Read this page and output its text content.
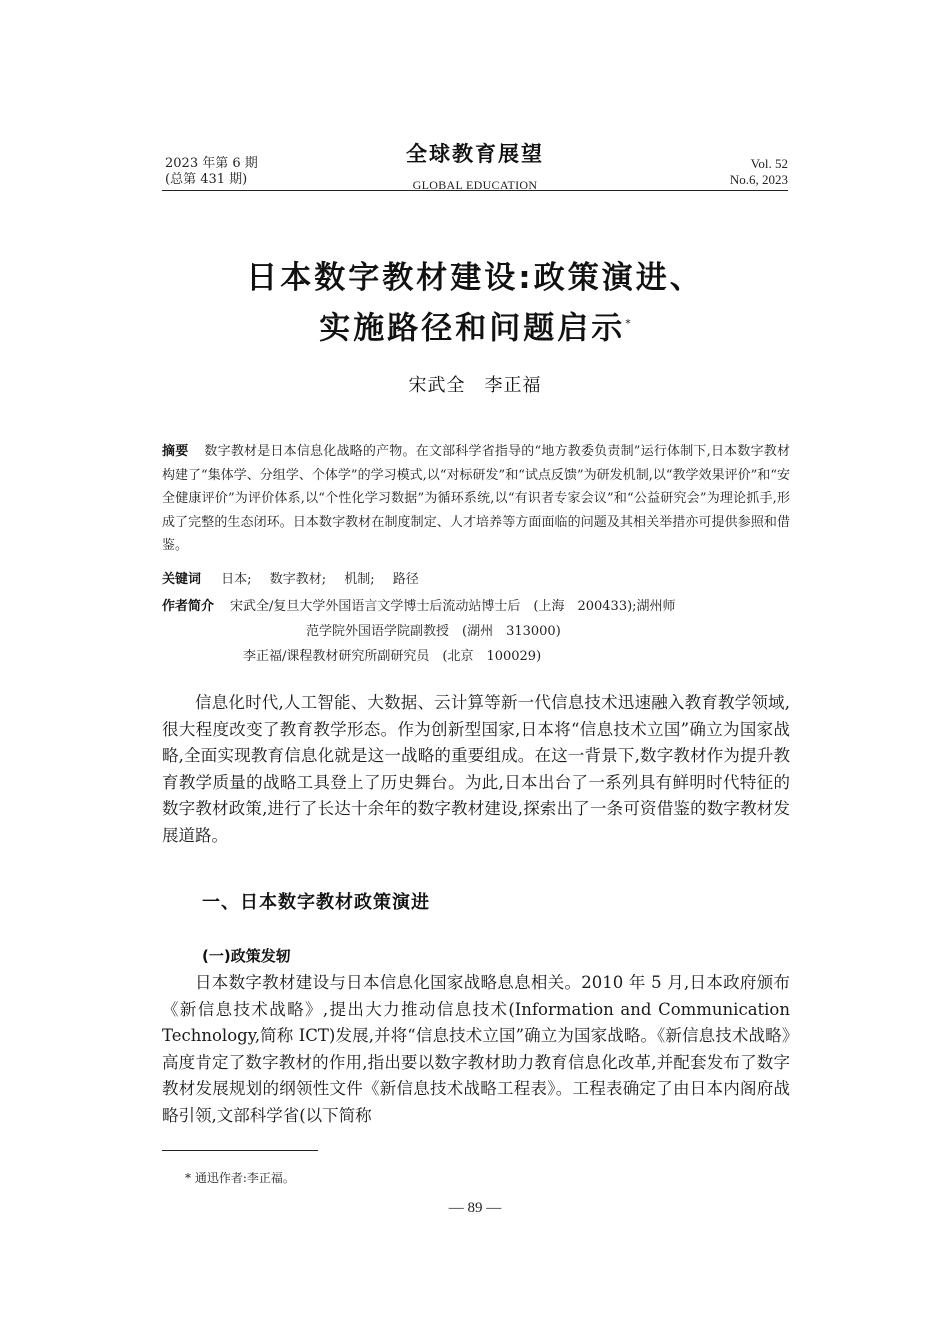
2023 年第 6 期
(总第 431 期)
全球教育展望
GLOBAL EDUCATION
Vol. 52
No.6, 2023
日本数字教材建设:政策演进、
实施路径和问题启示*
宋武全　李正福
摘要 数字教材是日本信息化战略的产物。在文部科学省指导的“地方教委负责制”运行体制下,日本数字教材构建了“集体学、分组学、个体学”的学习模式,以“对标研发”和“试点反馈”为研发机制,以“教学效果评价”和“安全健康评价”为评价体系,以“个性化学习数据”为循环系统,以“有识者专家会议”和“公益研究会”为理论抓手,形成了完整的生态闭环。日本数字教材在制度制定、人才培养等方面面临的问题及其相关举措亦可提供参照和借鉴。
关键词 日本; 数字教材; 机制; 路径
作者简介 宋武全/复旦大学外国语言文学博士后流动站博士后　(上海　200433);湖州师
范学院外国语学院副教授　(湖州　313000)
李正福/课程教材研究所副研究员　(北京　100029)
信息化时代,人工智能、大数据、云计算等新一代信息技术迅速融入教育教学领域,很大程度改变了教育教学形态。作为创新型国家,日本将“信息技术立国”确立为国家战略,全面实现教育信息化就是这一战略的重要组成。在这一背景下,数字教材作为提升教育教学质量的战略工具登上了历史舞台。为此,日本出台了一系列具有鲜明时代特征的数字教材政策,进行了长达十余年的数字教材建设,探索出了一条可资借鉴的数字教材发展道路。
一、日本数字教材政策演进
(一)政策发轫
日本数字教材建设与日本信息化国家战略息息相关。2010 年 5 月,日本政府颁布《新信息技术战略》,提出大力推动信息技术(Information and Communication Technology,简称 ICT)发展,并将“信息技术立国”确立为国家战略。《新信息技术战略》高度肯定了数字教材的作用,指出要以数字教材助力教育信息化改革,并配套发布了数字教材发展规划的纲领性文件《新信息技术战略工程表》。工程表确定了由日本内阁府战略引领,文部科学省(以下简称
* 通迅作者:李正福。
— 89 —
